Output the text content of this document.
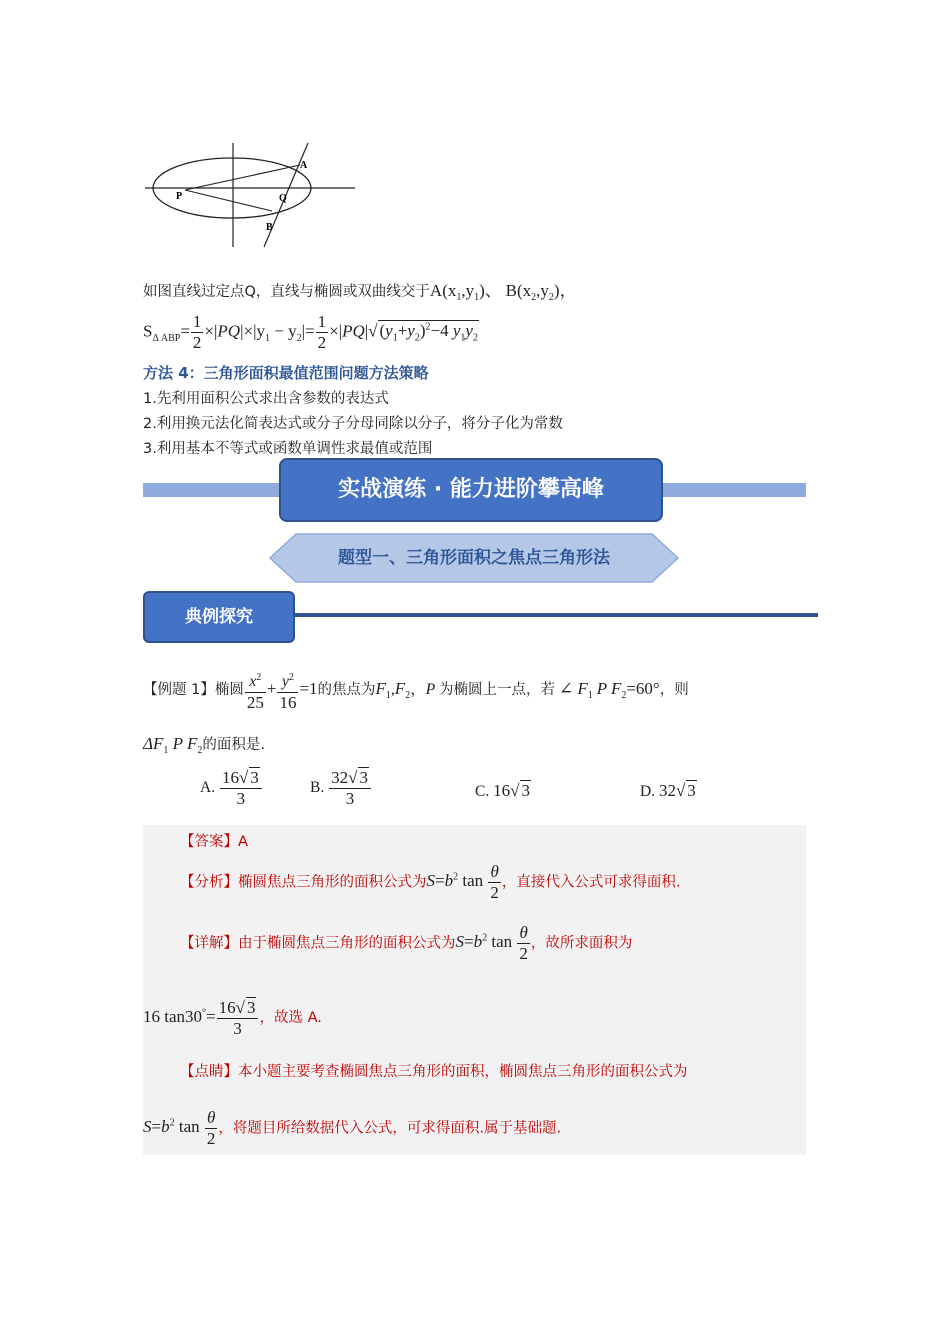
A
P	Q
B
如图直线过定点Q，直线与椭圆或双曲线交于$A(x_1,y_1)$、 $B(x_2,y_2)$，
$S_{\Delta ABP}= \frac{1}{2} \times|PQ|\times|y_1 - y_2|= \frac{1}{2} \times|PQ|√$ $(y_1+y_2)^2-4$ $y_1y_2$
方法 4：三角形面积最值范围问题方法策略
1.先利用面积公式求出含参数的表达式
2.利用换元法化简表达式或分子分母同除以分子，将分子化为常数
3.利用基本不等式或函数单调性求最值或范围
实战演练 · 能力进阶攀高峰
题型一、三角形面积之焦点三角形法
典例探究
【例题 1】椭圆 $\frac{x^2}{25} + \frac{y^2}{16} =1$的焦点为$F_1,F_2$，P 为椭圆上一点，若 ∠ $F_1$ P $F_2=60^\circ$，则
$\Delta F_1$ P $F_2$的面积是.
A. $\frac{16√ 3}{3}$	B. $\frac{32√ 3}{3}$	C. 16√ 3	D. 32√ 3
【答案】A
【分析】椭圆焦点三角形的面积公式为$S=b^2$ $\tan \frac{\theta}{2}$ ，直接代入公式可求得面积.
【详解】由于椭圆焦点三角形的面积公式为$S=b^2$ $\tan \frac{\theta}{2}$ ，故所求面积为
16 $\tan 30^\circ= \frac{16√ 3}{3}$ ，故选 A.
【点睛】本小题主要考查椭圆焦点三角形的面积，椭圆焦点三角形的面积公式为
$S=b^2$ $\tan \frac{\theta}{2}$ ，将题目所给数据代入公式，可求得面积.属于基础题.
